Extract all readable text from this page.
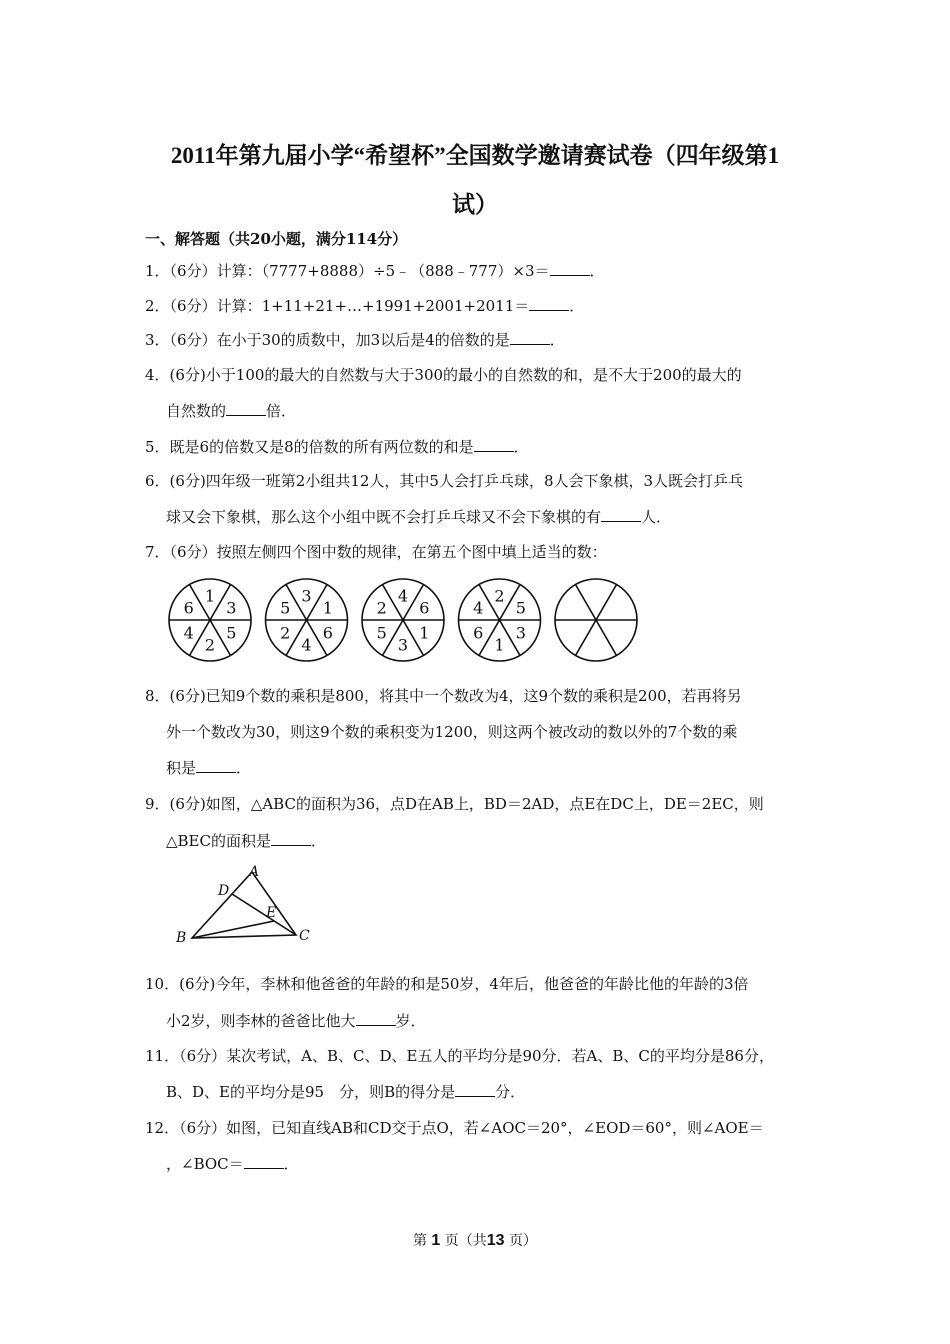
2011年第九届小学“希望杯”全国数学邀请赛试卷（四年级第1
试）
一、解答题（共20小题，满分114分）
1．（6分）计算：（7777+8888）÷5﹣（888﹣777）×3＝	．
2．（6分）计算：1+11+21+…+1991+2001+2011＝	．
3．（6分）在小于30的质数中，加3以后是4的倍数的是	．
4．(6分)小于100的最大的自然数与大于300的最小的自然数的和，是不大于200的最大的
自然数的	倍．
5．既是6的倍数又是8的倍数的所有两位数的和是	．
6．(6分)四年级一班第2小组共12人，其中5人会打乒乓球，8人会下象棋，3人既会打乒乓
球又会下象棋，那么这个小组中既不会打乒乓球又不会下象棋的有	人．
7．（6分）按照左侧四个图中数的规律，在第五个图中填上适当的数：
1
3
5
2
4
6
3
1
6
4
2
5
4
6
1
3
5
2
2
5
3
1
6
4
8．(6分)已知9个数的乘积是800，将其中一个数改为4，这9个数的乘积是200，若再将另
外一个数改为30，则这9个数的乘积变为1200，则这两个被改动的数以外的7个数的乘
积是	．
9．(6分)如图，△ABC的面积为36，点D在AB上，BD＝2AD，点E在DC上，DE＝2EC，则
△BEC的面积是	．
A
D
E
B	C
10．(6分)今年，李林和他爸爸的年龄的和是50岁，4年后，他爸爸的年龄比他的年龄的3倍
小2岁，则李林的爸爸比他大	岁．
11．（6分）某次考试，A、B、C、D、E五人的平均分是90分．若A、B、C的平均分是86分，
B、D、E的平均分是95　分，则B的得分是	分．
12．（6分）如图，已知直线AB和CD交于点O，若∠AOC＝20°，∠EOD＝60°，则∠AOE＝
，∠BOC＝	．
第 1 页（共13 页）
